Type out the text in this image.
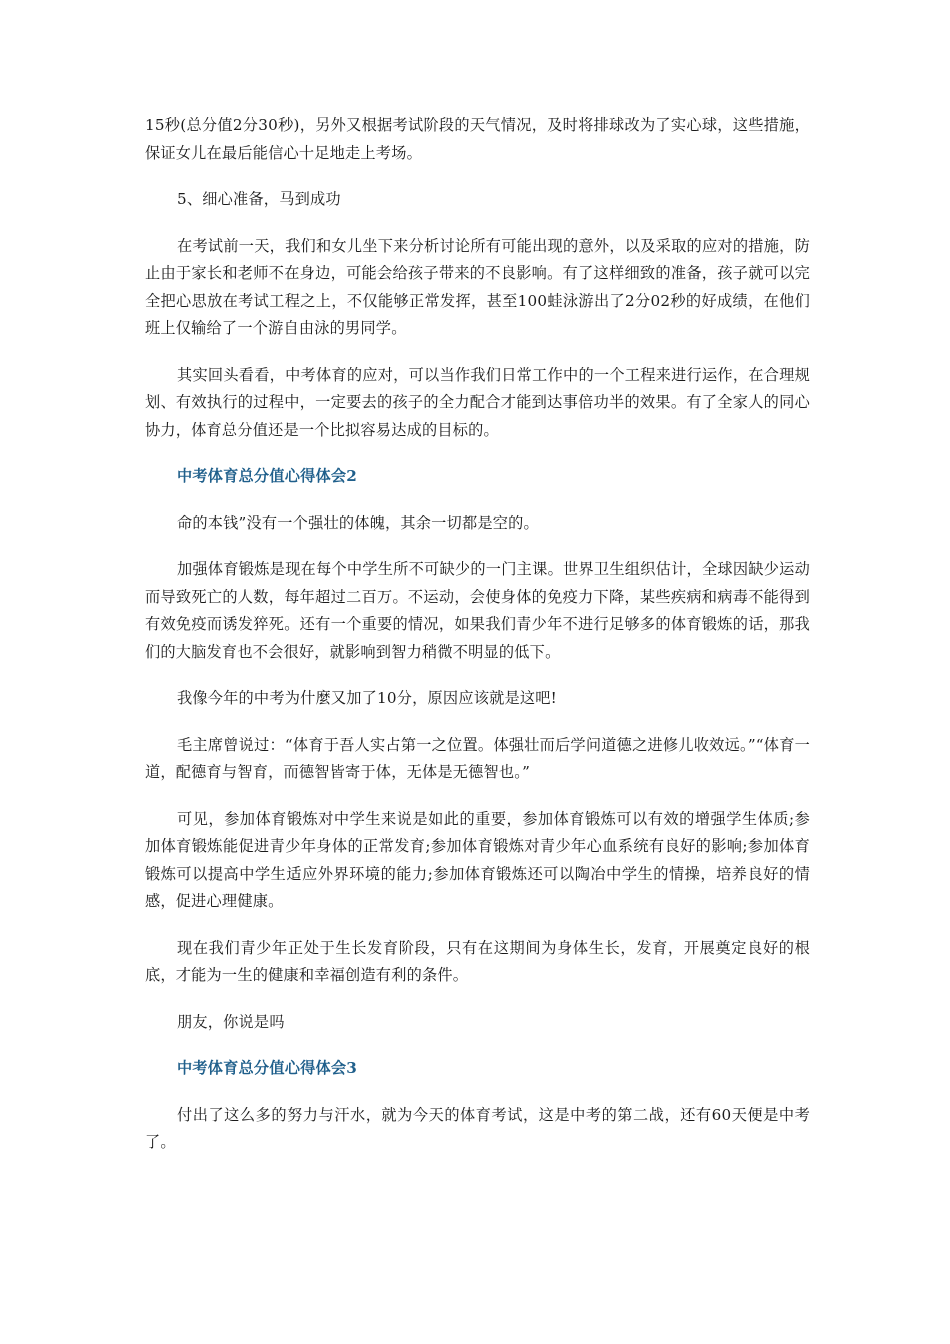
15秒(总分值2分30秒)，另外又根据考试阶段的天气情况，及时将排球改为了实心球，这些措施，保证女儿在最后能信心十足地走上考场。

5、细心准备，马到成功

在考试前一天，我们和女儿坐下来分析讨论所有可能出现的意外，以及采取的应对的措施，防止由于家长和老师不在身边，可能会给孩子带来的不良影响。有了这样细致的准备，孩子就可以完全把心思放在考试工程之上，不仅能够正常发挥，甚至100蛙泳游出了2分02秒的好成绩，在他们班上仅输给了一个游自由泳的男同学。

其实回头看看，中考体育的应对，可以当作我们日常工作中的一个工程来进行运作，在合理规划、有效执行的过程中，一定要去的孩子的全力配合才能到达事倍功半的效果。有了全家人的同心协力，体育总分值还是一个比拟容易达成的目标的。

中考体育总分值心得体会2

命的本钱”没有一个强壮的体魄，其余一切都是空的。

加强体育锻炼是现在每个中学生所不可缺少的一门主课。世界卫生组织估计，全球因缺少运动而导致死亡的人数，每年超过二百万。不运动，会使身体的免疫力下降，某些疾病和病毒不能得到有效免疫而诱发猝死。还有一个重要的情况，如果我们青少年不进行足够多的体育锻炼的话，那我们的大脑发育也不会很好，就影响到智力稍微不明显的低下。

我像今年的中考为什麼又加了10分，原因应该就是这吧!

毛主席曾说过：“体育于吾人实占第一之位置。体强壮而后学问道德之进修儿收效远。”“体育一道，配德育与智育，而德智皆寄于体，无体是无德智也。”

可见，参加体育锻炼对中学生来说是如此的重要，参加体育锻炼可以有效的增强学生体质;参加体育锻炼能促进青少年身体的正常发育;参加体育锻炼对青少年心血系统有良好的影响;参加体育锻炼可以提高中学生适应外界环境的能力;参加体育锻炼还可以陶冶中学生的情操，培养良好的情感，促进心理健康。

现在我们青少年正处于生长发育阶段，只有在这期间为身体生长，发育，开展奠定良好的根底，才能为一生的健康和幸福创造有利的条件。

朋友，你说是吗

中考体育总分值心得体会3

付出了这么多的努力与汗水，就为今天的体育考试，这是中考的第二战，还有60天便是中考了。
